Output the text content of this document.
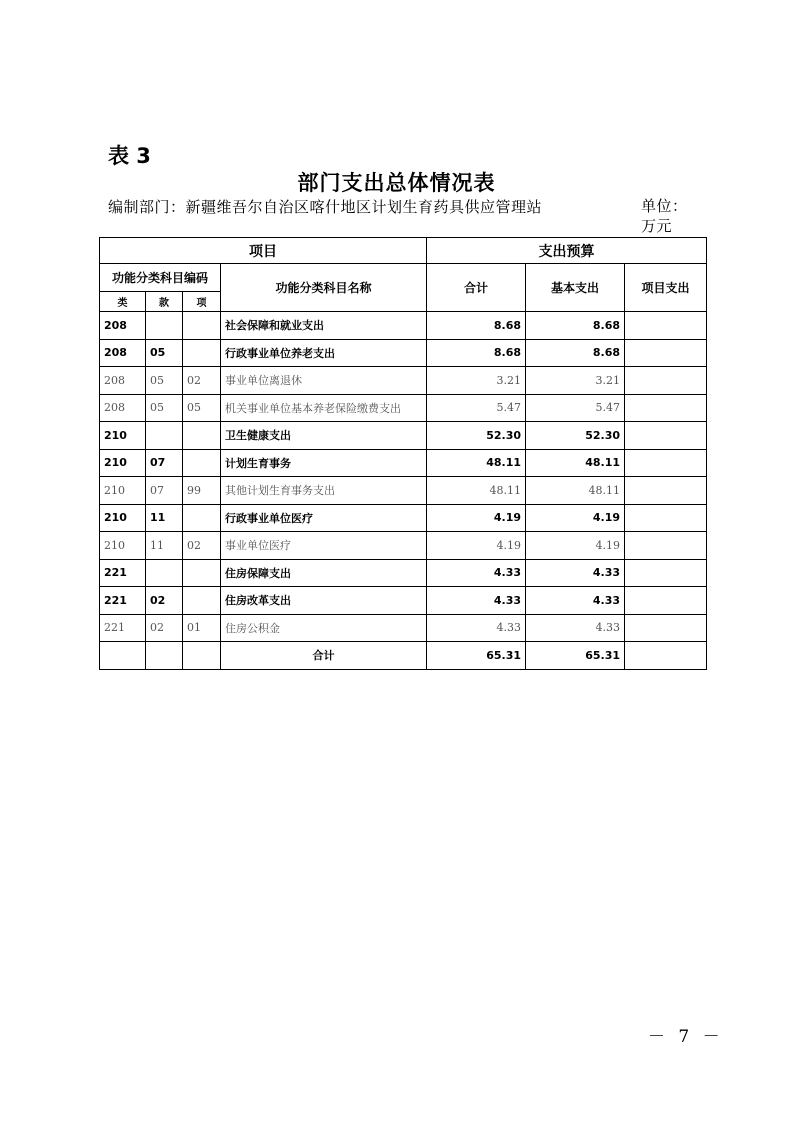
表 3
部门支出总体情况表
编制部门：新疆维吾尔自治区喀什地区计划生育药具供应管理站	单位：万元
项目				支出预算		
功能分类科目编码			功能分类科目名称	合计	基本支出	项目支出
类	款	项				
208			社会保障和就业支出	8.68	8.68	
208	05		行政事业单位养老支出	8.68	8.68	
208	05	02	事业单位离退休	3.21	3.21	
208	05	05	机关事业单位基本养老保险缴费支出	5.47	5.47	
210			卫生健康支出	52.30	52.30	
210	07		计划生育事务	48.11	48.11	
210	07	99	其他计划生育事务支出	48.11	48.11	
210	11		行政事业单位医疗	4.19	4.19	
210	11	02	事业单位医疗	4.19	4.19	
221			住房保障支出	4.33	4.33	
221	02		住房改革支出	4.33	4.33	
221	02	01	住房公积金	4.33	4.33	
			合计	65.31	65.31	
－ 7 －
